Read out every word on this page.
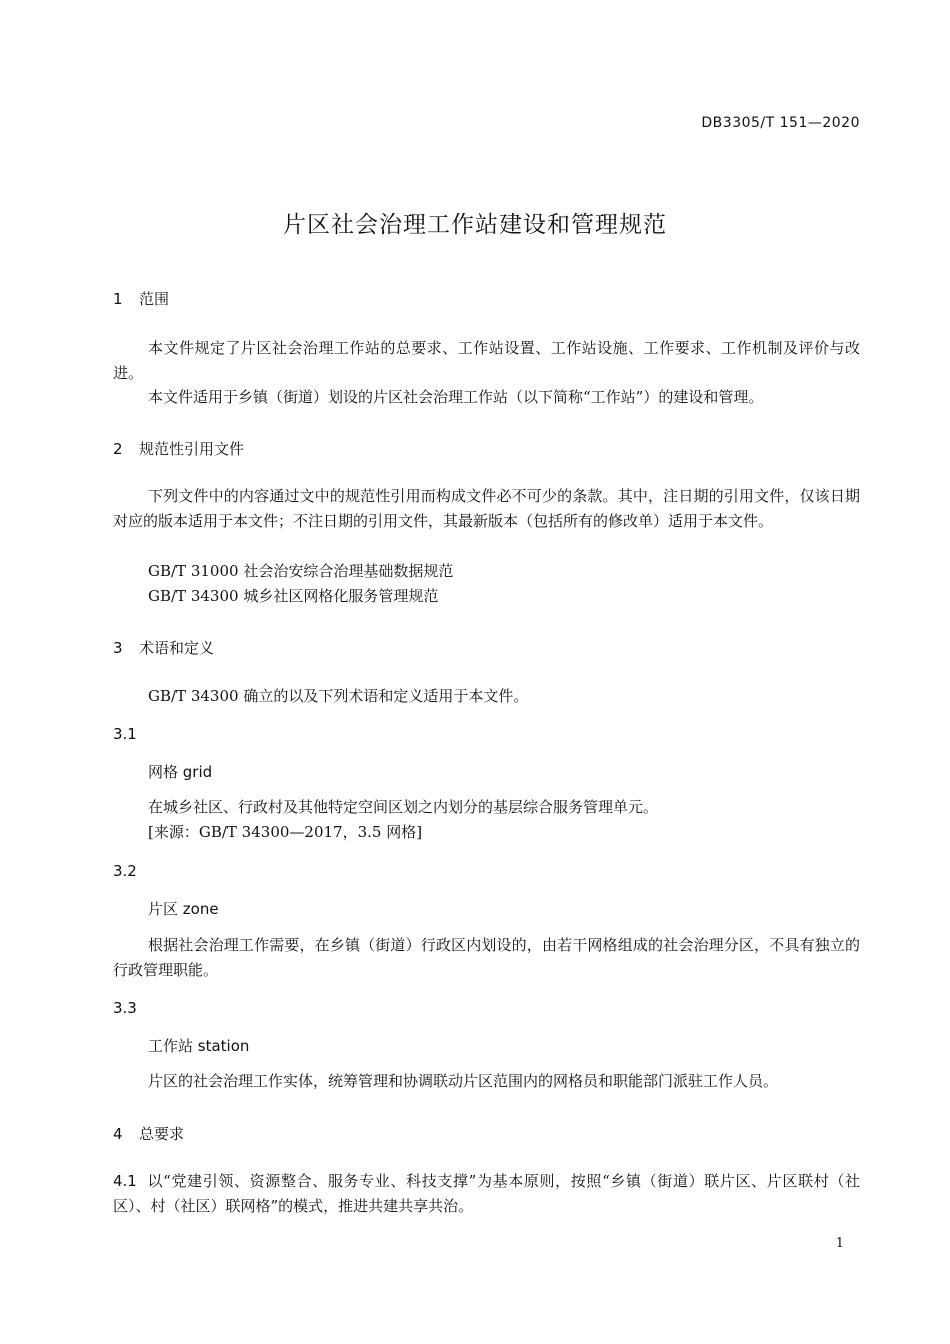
DB3305/T 151—2020
片区社会治理工作站建设和管理规范
1 范围
本文件规定了片区社会治理工作站的总要求、工作站设置、工作站设施、工作要求、工作机制及评价与改进。
本文件适用于乡镇（街道）划设的片区社会治理工作站（以下简称“工作站”）的建设和管理。
2 规范性引用文件
下列文件中的内容通过文中的规范性引用而构成文件必不可少的条款。其中，注日期的引用文件，仅该日期对应的版本适用于本文件；不注日期的引用文件，其最新版本（包括所有的修改单）适用于本文件。
GB/T 31000 社会治安综合治理基础数据规范
GB/T 34300 城乡社区网格化服务管理规范
3 术语和定义
GB/T 34300 确立的以及下列术语和定义适用于本文件。
3.1
网格 grid
在城乡社区、行政村及其他特定空间区划之内划分的基层综合服务管理单元。
[来源：GB/T 34300—2017，3.5 网格]
3.2
片区 zone
根据社会治理工作需要，在乡镇（街道）行政区内划设的，由若干网格组成的社会治理分区，不具有独立的行政管理职能。
3.3
工作站 station
片区的社会治理工作实体，统筹管理和协调联动片区范围内的网格员和职能部门派驻工作人员。
4 总要求
4.1 以“党建引领、资源整合、服务专业、科技支撑”为基本原则，按照“乡镇（街道）联片区、片区联村（社区）、村（社区）联网格”的模式，推进共建共享共治。
1
